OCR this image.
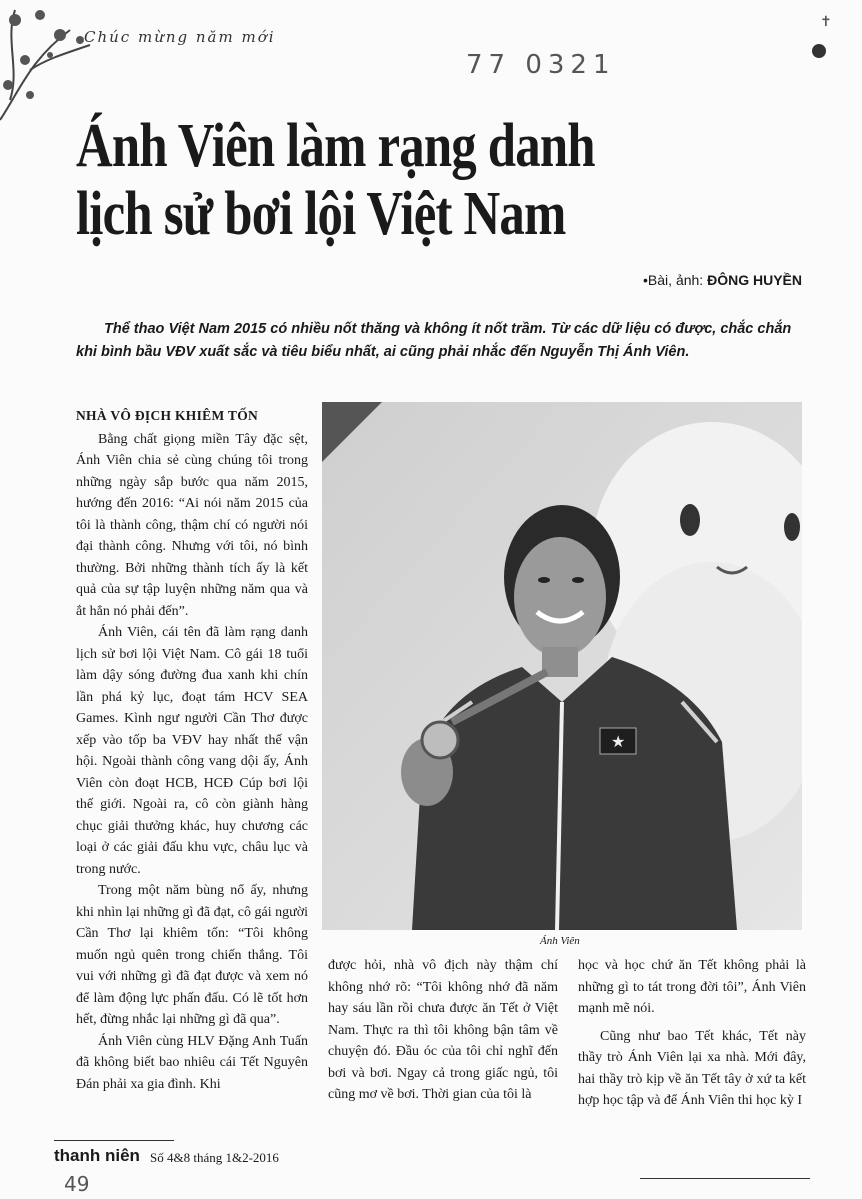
Chúc mừng năm mới
77 0321
✝
Ánh Viên làm rạng danh
lịch sử bơi lội Việt Nam
•Bài, ảnh: ĐÔNG HUYỀN

Thể thao Việt Nam 2015 có nhiều nốt thăng và không ít nốt trầm. Từ các dữ liệu có được, chắc chắn khi bình bầu VĐV xuất sắc và tiêu biểu nhất, ai cũng phải nhắc đến Nguyễn Thị Ánh Viên.

NHÀ VÔ ĐỊCH KHIÊM TỐN

Bằng chất giọng miền Tây đặc sệt, Ánh Viên chia sẻ cùng chúng tôi trong những ngày sắp bước qua năm 2015, hướng đến 2016: “Ai nói năm 2015 của tôi là thành công, thậm chí có người nói đại thành công. Nhưng với tôi, nó bình thường. Bởi những thành tích ấy là kết quả của sự tập luyện những năm qua và ắt hẳn nó phải đến”.

Ánh Viên, cái tên đã làm rạng danh lịch sử bơi lội Việt Nam. Cô gái 18 tuổi làm dậy sóng đường đua xanh khi chín lần phá kỷ lục, đoạt tám HCV SEA Games. Kình ngư người Cần Thơ được xếp vào tốp ba VĐV hay nhất thế vận hội. Ngoài thành công vang dội ấy, Ánh Viên còn đoạt HCB, HCĐ Cúp bơi lội thế giới. Ngoài ra, cô còn giành hàng chục giải thưởng khác, huy chương các loại ở các giải đấu khu vực, châu lục và trong nước.

Trong một năm bùng nổ ấy, nhưng khi nhìn lại những gì đã đạt, cô gái người Cần Thơ lại khiêm tốn: “Tôi không muốn ngủ quên trong chiến thắng. Tôi vui với những gì đã đạt được và xem nó để làm động lực phấn đấu. Có lẽ tốt hơn hết, đừng nhắc lại những gì đã qua”.

Ánh Viên cùng HLV Đặng Anh Tuấn đã không biết bao nhiêu cái Tết Nguyên Đán phải xa gia đình. Khi

★
Ánh Viên

được hỏi, nhà vô địch này thậm chí không nhớ rõ: “Tôi không nhớ đã năm hay sáu lần rồi chưa được ăn Tết ở Việt Nam. Thực ra thì tôi không bận tâm về chuyện đó. Đầu óc của tôi chỉ nghĩ đến bơi và bơi. Ngay cả trong giấc ngủ, tôi cũng mơ về bơi. Thời gian của tôi là

học và học chứ ăn Tết không phải là những gì to tát trong đời tôi”, Ánh Viên mạnh mẽ nói.

Cũng như bao Tết khác, Tết này thầy trò Ánh Viên lại xa nhà. Mới đây, hai thầy trò kịp về ăn Tết tây ở xứ ta kết hợp học tập và để Ánh Viên thi học kỳ I

thanh niên Số 4&8 tháng 1&2-2016
49
